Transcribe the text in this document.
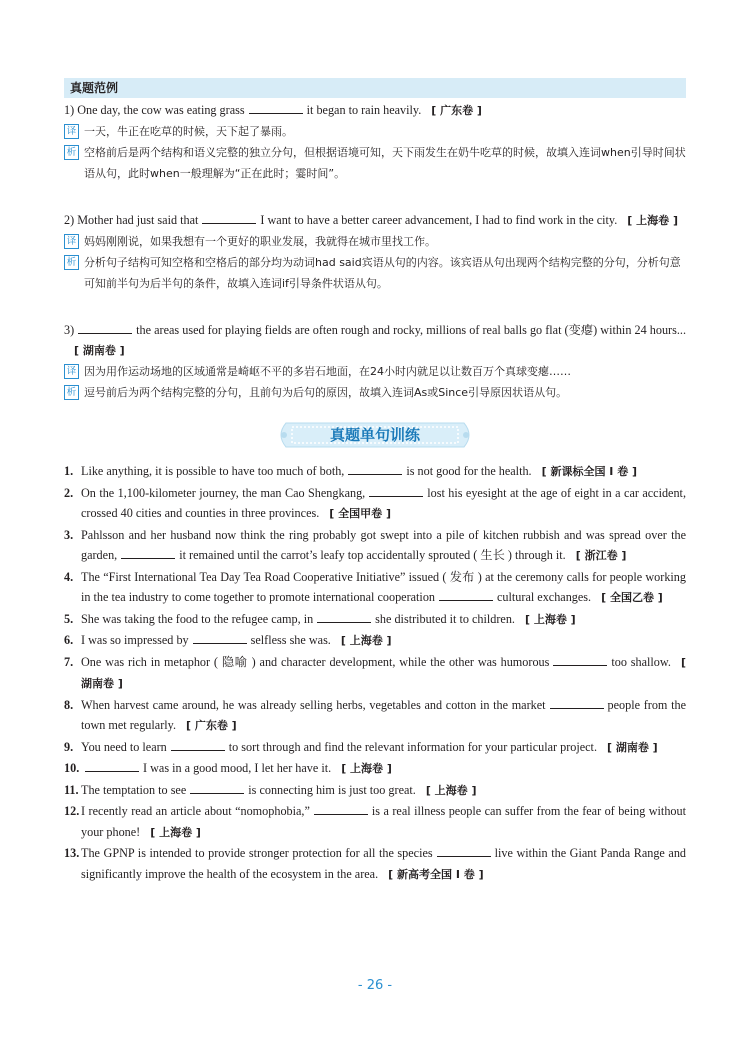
真题范例
1) One day, the cow was eating grass	it began to rain heavily. [ 广东卷 ]
译 一天，牛正在吃草的时候，天下起了暴雨。
析 空格前后是两个结构和语义完整的独立分句，但根据语境可知，天下雨发生在奶牛吃草的时候，故填入连词when引导时间状语从句，此时when一般理解为“正在此时；霎时间”。
2) Mother had just said that	I want to have a better career advancement, I had to find work in the city. [ 上海卷 ]
译 妈妈刚刚说，如果我想有一个更好的职业发展，我就得在城市里找工作。
析 分析句子结构可知空格和空格后的部分均为动词had said宾语从句的内容。该宾语从句出现两个结构完整的分句，分析句意可知前半句为后半句的条件，故填入连词if引导条件状语从句。
3)	the areas used for playing fields are often rough and rocky, millions of real balls go flat (变瘪) within 24 hours...[ 湖南卷 ]
译 因为用作运动场地的区域通常是崎岖不平的多岩石地面，在24小时内就足以让数百万个真球变瘪……
析 逗号前后为两个结构完整的分句，且前句为后句的原因，故填入连词As或Since引导原因状语从句。
真题单句训练
1. Like anything, it is possible to have too much of both,	is not good for the health. [ 新课标全国 I 卷 ]
2. On the 1,100-kilometer journey, the man Cao Shengkang,	lost his eyesight at the age of eight in a car accident, crossed 40 cities and counties in three provinces. [ 全国甲卷 ]
3. Pahlsson and her husband now think the ring probably got swept into a pile of kitchen rubbish and was spread over the garden,	it remained until the carrot’s leafy top accidentally sprouted ( 生长 ) through it. [ 浙江卷 ]
4. The “First International Tea Day Tea Road Cooperative Initiative” issued ( 发布 ) at the ceremony calls for people working in the tea industry to come together to promote international cooperation	cultural exchanges. [ 全国乙卷 ]
5. She was taking the food to the refugee camp, in	she distributed it to children. [ 上海卷 ]
6. I was so impressed by	selfless she was. [ 上海卷 ]
7. One was rich in metaphor ( 隐喻 ) and character development, while the other was humorous	too shallow. [ 湖南卷 ]
8. When harvest came around, he was already selling herbs, vegetables and cotton in the market	people from the town met regularly. [ 广东卷 ]
9. You need to learn	to sort through and find the relevant information for your particular project. [ 湖南卷 ]
10.	I was in a good mood, I let her have it. [ 上海卷 ]
11. The temptation to see	is connecting him is just too great. [ 上海卷 ]
12. I recently read an article about “nomophobia,”	is a real illness people can suffer from the fear of being without your phone! [ 上海卷 ]
13. The GPNP is intended to provide stronger protection for all the species	live within the Giant Panda Range and significantly improve the health of the ecosystem in the area. [ 新高考全国 I 卷 ]
- 26 -
